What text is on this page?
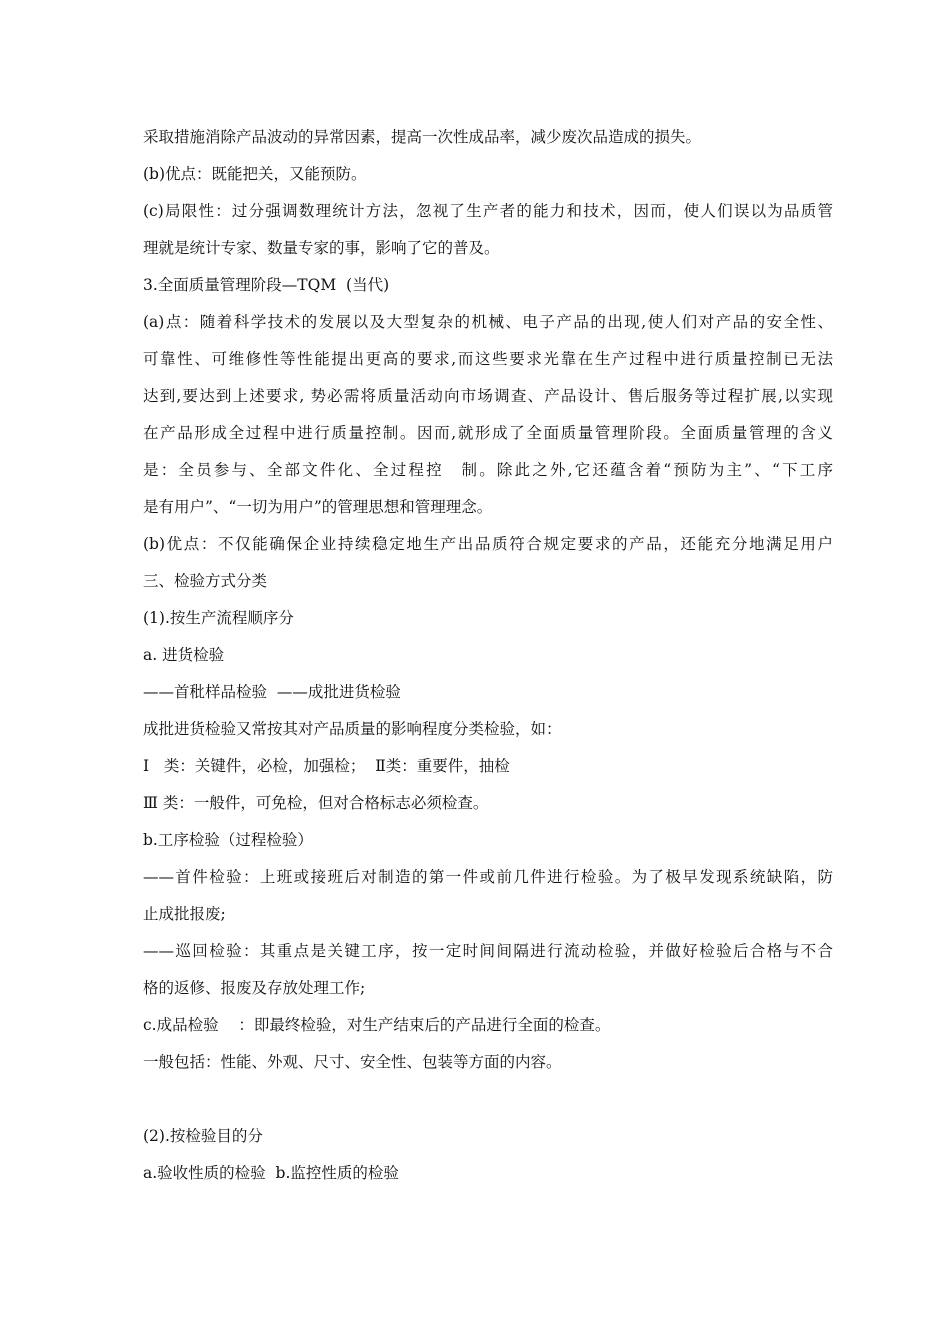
采取措施消除产品波动的异常因素，提高一次性成品率，减少废次品造成的损失。
(b)优点：既能把关，又能预防。
(c)局限性：过分强调数理统计方法，忽视了生产者的能力和技术，因而，使人们误以为品质管
理就是统计专家、数量专家的事，影响了它的普及。
3.全面质量管理阶段—TQM  (当代)
(a)点：随着科学技术的发展以及大型复杂的机械、电子产品的出现,使人们对产品的安全性、
可靠性、可维修性等性能提出更高的要求,而这些要求光靠在生产过程中进行质量控制已无法
达到,要达到上述要求, 势必需将质量活动向市场调查、产品设计、售后服务等过程扩展,以实现
在产品形成全过程中进行质量控制。因而,就形成了全面质量管理阶段。全面质量管理的含义
是：全员参与、全部文件化、全过程控　制。除此之外,它还蕴含着“预防为主”、“下工序
是有用户”、“一切为用户”的管理思想和管理理念。
(b)优点：不仅能确保企业持续稳定地生产出品质符合规定要求的产品，还能充分地满足用户
三、检验方式分类
(1).按生产流程顺序分
a. 进货检验
——首秕样品检验  ——成批进货检验
成批进货检验又常按其对产品质量的影响程度分类检验，如：
I   类：关键件，必检，加强检；  Ⅱ类：重要件，抽检
Ⅲ 类：一般件，可免检，但对合格标志必须检查。
b.工序检验（过程检验）
——首件检验：上班或接班后对制造的第一件或前几件进行检验。为了极早发现系统缺陷，防
止成批报废;
——巡回检验：其重点是关键工序，按一定时间间隔进行流动检验，并做好检验后合格与不合
格的返修、报废及存放处理工作;
c.成品检验    ：即最终检验，对生产结束后的产品进行全面的检查。
一般包括：性能、外观、尺寸、安全性、包装等方面的内容。
(2).按检验目的分
a.验收性质的检验  b.监控性质的检验
